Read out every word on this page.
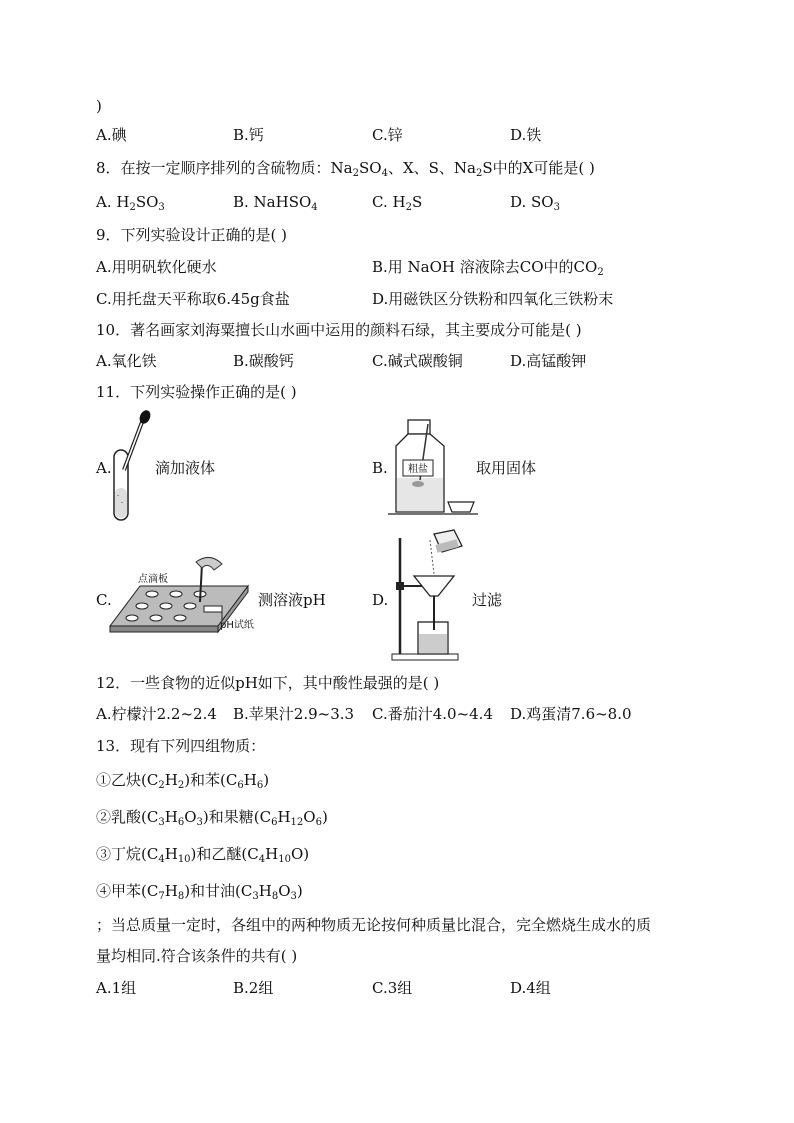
)
A.碘	B.钙	C.锌	D.铁
8．在按一定顺序排列的含硫物质：$Na_2SO_4$、X、S、$Na_2S$中的X可能是( )
A. $H_2SO_3$	B. NaHSO$_4$	C. $H_2S$	D. $SO_3$
9．下列实验设计正确的是( )
A.用明矾软化硬水	B.用 NaOH 溶液除去CO中的$CO_2$
C.用托盘天平称取6.45g食盐	D.用磁铁区分铁粉和四氧化三铁粉末
10．著名画家刘海粟擅长山水画中运用的颜料石绿，其主要成分可能是( )
A.氧化铁	B.碳酸钙	C.碱式碳酸铜	D.高锰酸钾
11．下列实验操作正确的是( )
A.	滴加液体	B. 粗盐	取用固体
C.
点滴板
pH试纸
测溶液pH	D.	过滤
12．一些食物的近似pH如下，其中酸性最强的是( )
A.柠檬汁2.2~2.4 B.苹果汁2.9~3.3 C.番茄汁4.0~4.4 D.鸡蛋清7.6~8.0
13．现有下列四组物质：
①乙炔$(C_2H_2)$和苯$(C_6H_6)$
②乳酸$(C_3H_6O_3)$和果糖$(C_6H_{12}O_6)$
③丁烷$(C_4H_{10})$和乙醚$(C_4H_{10}O)$
④甲苯$(C_7H_8)$和甘油$(C_3H_8O_3)$
；当总质量一定时，各组中的两种物质无论按何种质量比混合，完全燃烧生成水的质
量均相同.符合该条件的共有( )
A.1组	B.2组	C.3组	D.4组
